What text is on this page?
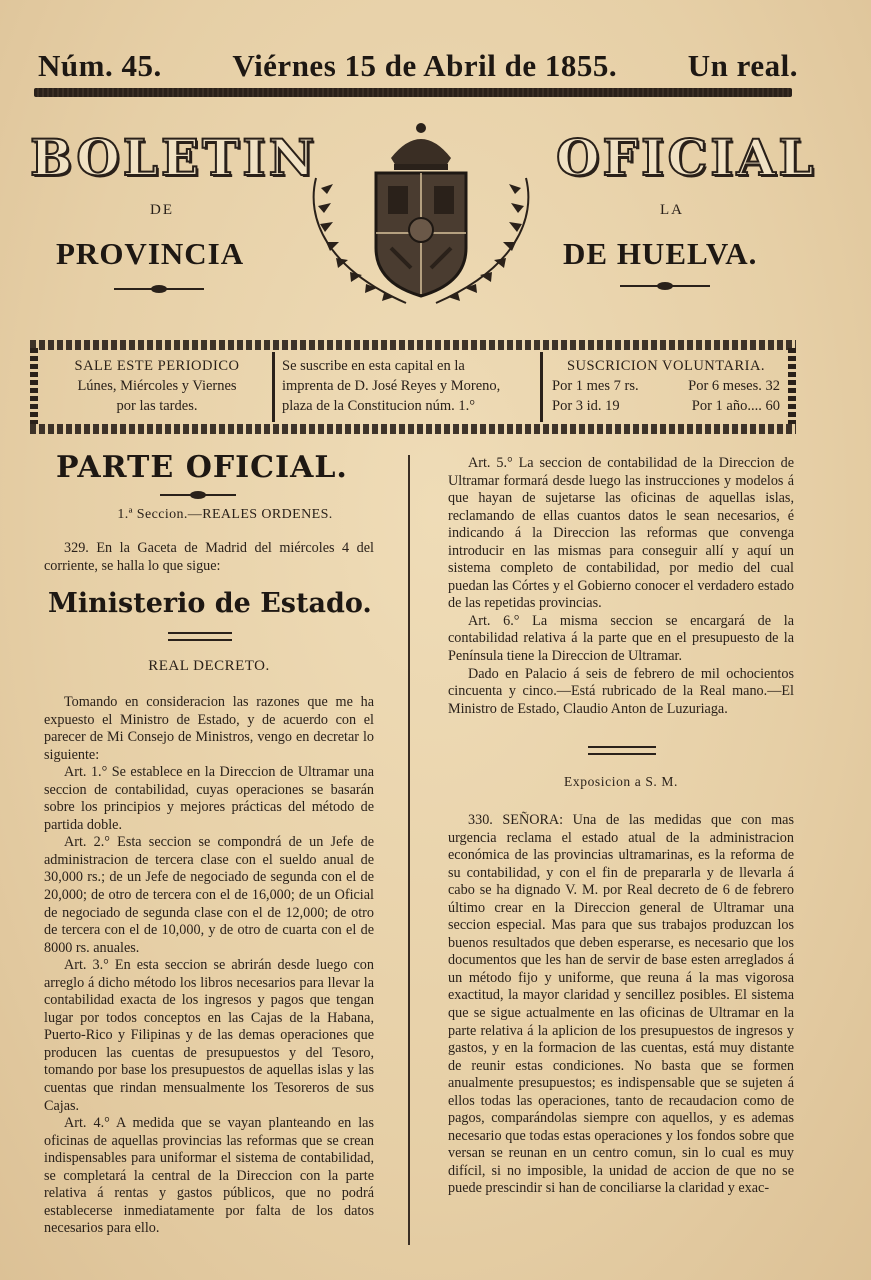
Núm. 45. Viérnes 15 de Abril de 1855. Un real.
BOLETIN	OFICIAL
DE	LA
PROVINCIA	DE HUELVA.
SALE ESTE PERIODICO
Lúnes, Miércoles y Viernes
por las tardes.
Se suscribe en esta capital en la
imprenta de D. José Reyes y Moreno,
plaza de la Constitucion núm. 1.°
SUSCRICION VOLUNTARIA.
Por 1 mes 7 rs.	Por 6 meses. 32
Por 3 id. 19	Por 1 año.... 60
PARTE OFICIAL.
1.ª Seccion.—REALES ORDENES.

329. En la Gaceta de Madrid del miércoles 4 del corriente, se halla lo que sigue:

Ministerio de Estado.
REAL DECRETO.

Tomando en consideracion las razones que me ha expuesto el Ministro de Estado, y de acuerdo con el parecer de Mi Consejo de Ministros, vengo en decretar lo siguiente:

Art. 1.° Se establece en la Direccion de Ultramar una seccion de contabilidad, cuyas operaciones se basarán sobre los principios y mejores prácticas del método de partida doble.

Art. 2.° Esta seccion se compondrá de un Jefe de administracion de tercera clase con el sueldo anual de 30,000 rs.; de un Jefe de negociado de segunda con el de 20,000; de otro de tercera con el de 16,000; de un Oficial de negociado de segunda clase con el de 12,000; de otro de tercera con el de 10,000, y de otro de cuarta con el de 8000 rs. anuales.

Art. 3.° En esta seccion se abrirán desde luego con arreglo á dicho método los libros necesarios para llevar la contabilidad exacta de los ingresos y pagos que tengan lugar por todos conceptos en las Cajas de la Habana, Puerto-Rico y Filipinas y de las demas operaciones que producen las cuentas de presupuestos y del Tesoro, tomando por base los presupuestos de aquellas islas y las cuentas que rindan mensualmente los Tesoreros de sus Cajas.

Art. 4.° A medida que se vayan planteando en las oficinas de aquellas provincias las reformas que se crean indispensables para uniformar el sistema de contabilidad, se completará la central de la Direccion con la parte relativa á rentas y gastos públicos, que no podrá establecerse inmediatamente por falta de los datos necesarios para ello.

Art. 5.° La seccion de contabilidad de la Direccion de Ultramar formará desde luego las instrucciones y modelos á que hayan de sujetarse las oficinas de aquellas islas, reclamando de ellas cuantos datos le sean necesarios, é indicando á la Direccion las reformas que convenga introducir en las mismas para conseguir allí y aquí un sistema completo de contabilidad, por medio del cual puedan las Córtes y el Gobierno conocer el verdadero estado de las repetidas provincias.

Art. 6.° La misma seccion se encargará de la contabilidad relativa á la parte que en el presupuesto de la Península tiene la Direccion de Ultramar.

Dado en Palacio á seis de febrero de mil ochocientos cincuenta y cinco.—Está rubricado de la Real mano.—El Ministro de Estado, Claudio Anton de Luzuriaga.

Exposicion a S. M.

330. SEÑORA: Una de las medidas que con mas urgencia reclama el estado atual de la administracion económica de las provincias ultramarinas, es la reforma de su contabilidad, y con el fin de prepararla y de llevarla á cabo se ha dignado V. M. por Real decreto de 6 de febrero último crear en la Direccion general de Ultramar una seccion especial. Mas para que sus trabajos produzcan los buenos resultados que deben esperarse, es necesario que los documentos que les han de servir de base esten arreglados á un método fijo y uniforme, que reuna á la mas vigorosa exactitud, la mayor claridad y sencillez posibles. El sistema que se sigue actualmente en las oficinas de Ultramar en la parte relativa á la aplicion de los presupuestos de ingresos y gastos, y en la formacion de las cuentas, está muy distante de reunir estas condiciones. No basta que se formen anualmente presupuestos; es indispensable que se sujeten á ellos todas las operaciones, tanto de recaudacion como de pagos, comparándolas siempre con aquellos, y es ademas necesario que todas estas operaciones y los fondos sobre que versan se reunan en un centro comun, sin lo cual es muy difícil, si no imposible, la unidad de accion de que no se puede prescindir si han de conciliarse la claridad y exac-
